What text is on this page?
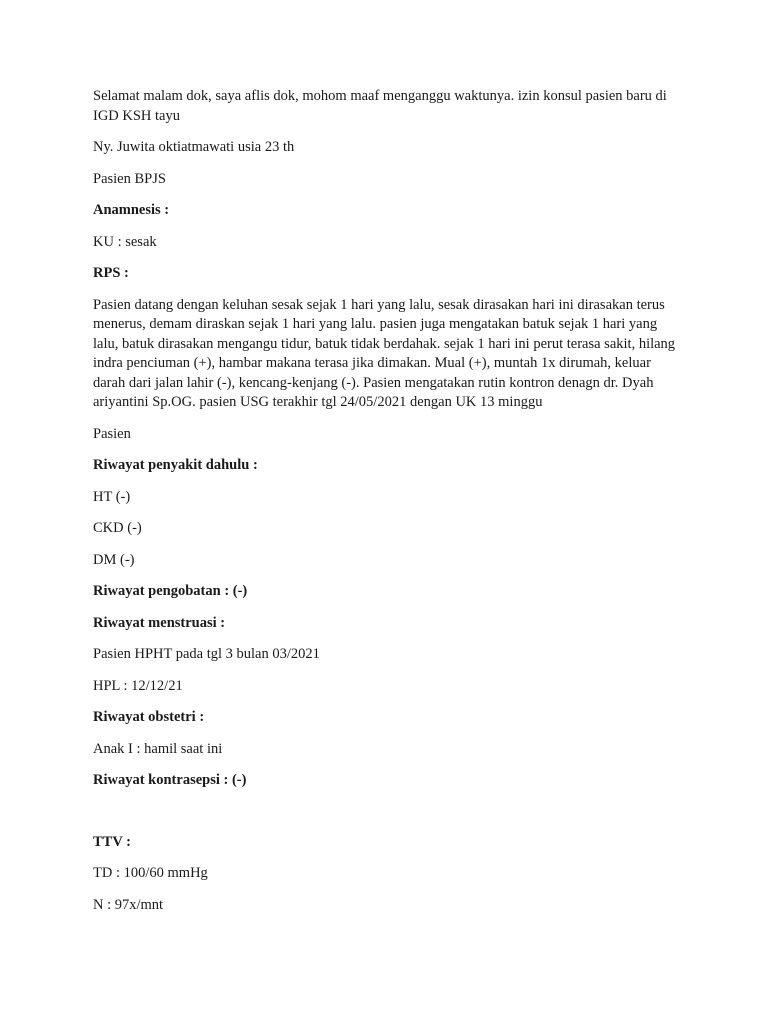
Selamat malam dok, saya aflis dok, mohom maaf menganggu waktunya. izin konsul pasien baru di IGD KSH tayu

Ny. Juwita oktiatmawati usia 23 th

Pasien BPJS

Anamnesis :

KU : sesak

RPS :

Pasien datang dengan keluhan sesak sejak 1 hari yang lalu, sesak dirasakan hari ini dirasakan terus menerus, demam diraskan sejak 1 hari yang lalu. pasien juga mengatakan batuk sejak 1 hari yang lalu, batuk dirasakan mengangu tidur, batuk tidak berdahak. sejak 1 hari ini perut terasa sakit, hilang indra penciuman (+), hambar makana terasa jika dimakan. Mual (+), muntah 1x dirumah, keluar darah dari jalan lahir (-), kencang-kenjang (-). Pasien mengatakan rutin kontron denagn dr. Dyah ariyantini Sp.OG. pasien USG terakhir tgl 24/05/2021 dengan UK 13 minggu

Pasien

Riwayat penyakit dahulu :

HT (-)

CKD (-)

DM (-)

Riwayat pengobatan : (-)

Riwayat menstruasi :

Pasien HPHT pada tgl 3 bulan 03/2021

HPL : 12/12/21

Riwayat obstetri :

Anak I : hamil saat ini

Riwayat kontrasepsi : (-)

TTV :

TD : 100/60 mmHg

N : 97x/mnt
